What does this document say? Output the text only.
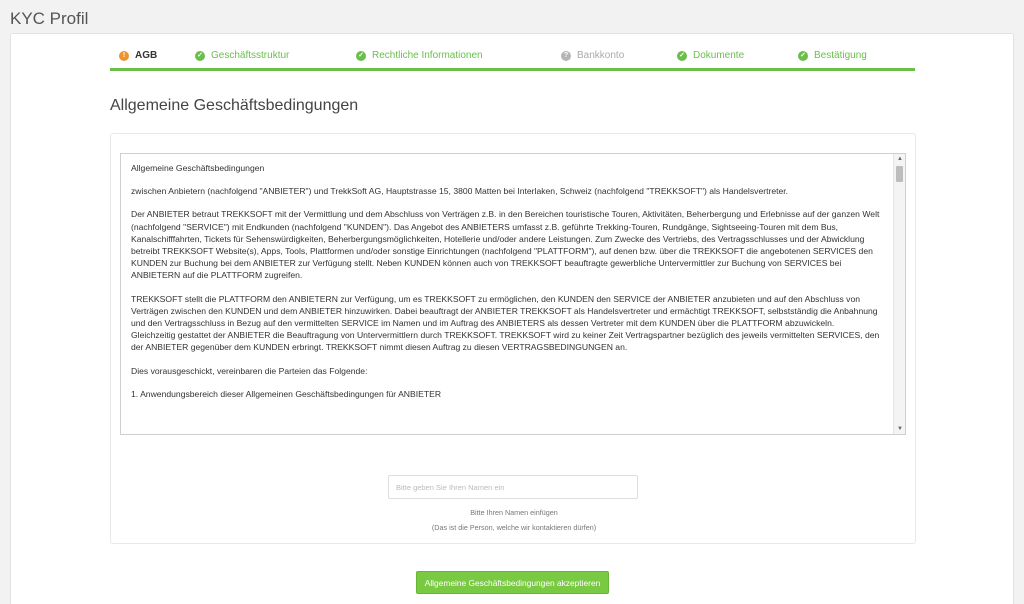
KYC Profil
! AGB	✓ Geschäftsstruktur	✓ Rechtliche Informationen	? Bankkonto	✓ Dokumente	✓ Bestätigung
Allgemeine Geschäftsbedingungen

Allgemeine Geschäftsbedingungen

zwischen Anbietern (nachfolgend "ANBIETER") und TrekkSoft AG, Hauptstrasse 15, 3800 Matten bei Interlaken, Schweiz (nachfolgend "TREKKSOFT") als Handelsvertreter.

Der ANBIETER betraut TREKKSOFT mit der Vermittlung und dem Abschluss von Verträgen z.B. in den Bereichen touristische Touren, Aktivitäten, Beherbergung und Erlebnisse auf der ganzen Welt (nachfolgend "SERVICE") mit Endkunden (nachfolgend "KUNDEN"). Das Angebot des ANBIETERS umfasst z.B. geführte Trekking-Touren, Rundgänge, Sightseeing-Touren mit dem Bus, Kanalschifffahrten, Tickets für Sehenswürdigkeiten, Beherbergungsmöglichkeiten, Hotellerie und/oder andere Leistungen. Zum Zwecke des Vertriebs, des Vertragsschlusses und der Abwicklung betreibt TREKKSOFT Website(s), Apps, Tools, Plattformen und/oder sonstige Einrichtungen (nachfolgend "PLATTFORM"), auf denen bzw. über die TREKKSOFT die angebotenen SERVICES den KUNDEN zur Buchung bei dem ANBIETER zur Verfügung stellt. Neben KUNDEN können auch von TREKKSOFT beauftragte gewerbliche Untervermittler zur Buchung von SERVICES bei ANBIETERN auf die PLATTFORM zugreifen.

TREKKSOFT stellt die PLATTFORM den ANBIETERN zur Verfügung, um es TREKKSOFT zu ermöglichen, den KUNDEN den SERVICE der ANBIETER anzubieten und auf den Abschluss von Verträgen zwischen den KUNDEN und dem ANBIETER hinzuwirken. Dabei beauftragt der ANBIETER TREKKSOFT als Handelsvertreter und ermächtigt TREKKSOFT, selbstständig die Anbahnung und den Vertragsschluss in Bezug auf den vermittelten SERVICE im Namen und im Auftrag des ANBIETERS als dessen Vertreter mit dem KUNDEN über die PLATTFORM abzuwickeln. Gleichzeitig gestattet der ANBIETER die Beauftragung von Untervermittlern durch TREKKSOFT. TREKKSOFT wird zu keiner Zeit Vertragspartner bezüglich des jeweils vermittelten SERVICES, den der ANBIETER gegenüber dem KUNDEN erbringt. TREKKSOFT nimmt diesen Auftrag zu diesen VERTRAGSBEDINGUNGEN an.

Dies vorausgeschickt, vereinbaren die Parteien das Folgende:

1. Anwendungsbereich dieser Allgemeinen Geschäftsbedingungen für ANBIETER

▲
▼
Bitte geben Sie Ihren Namen ein
Bitte Ihren Namen einfügen
(Das ist die Person, welche wir kontaktieren dürfen)
Allgemeine Geschäftsbedingungen akzeptieren
